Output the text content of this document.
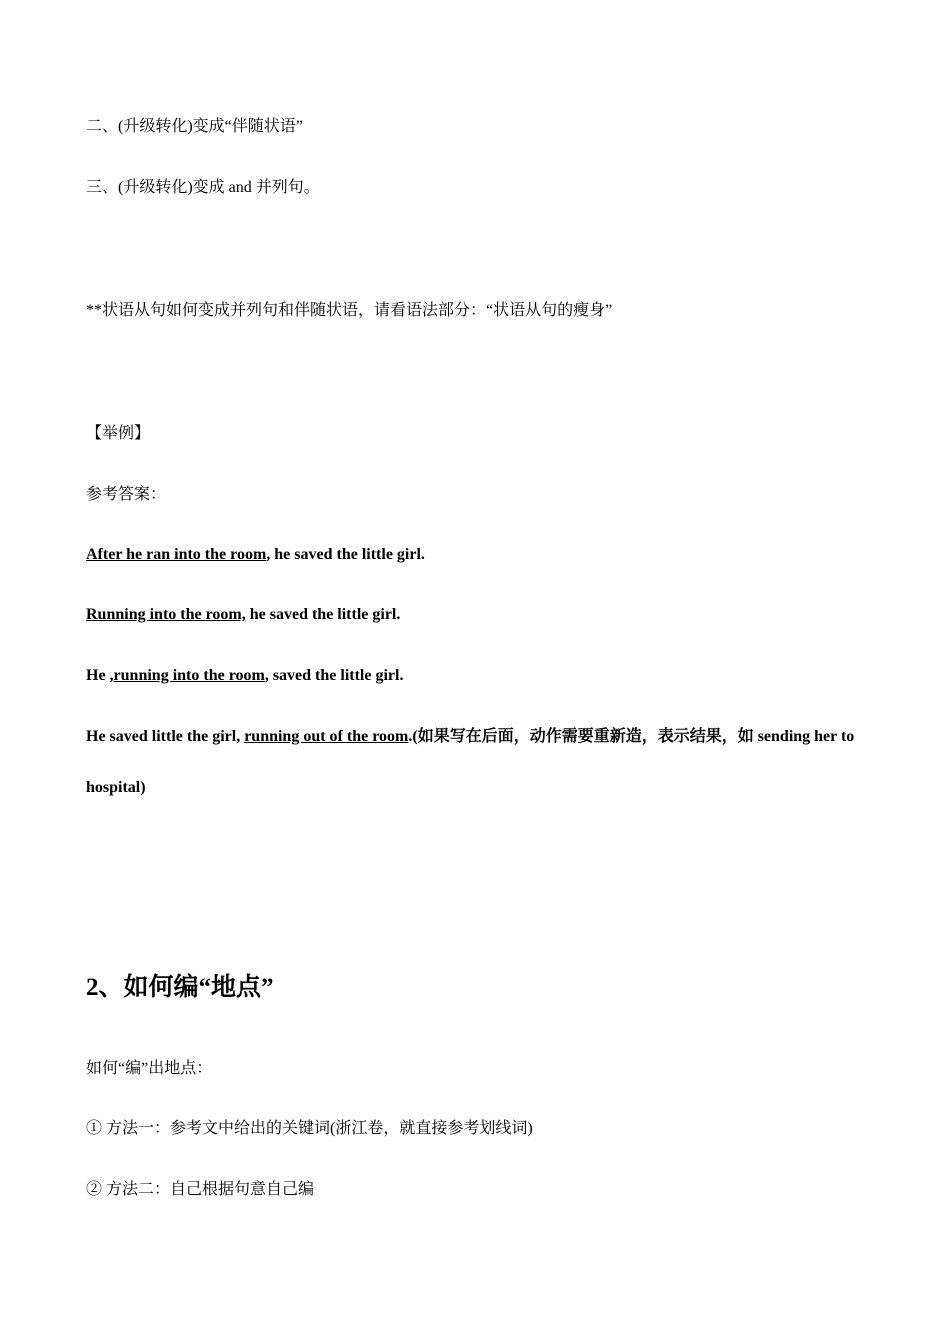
二、(升级转化)变成“伴随状语”
三、(升级转化)变成 and 并列句。
**状语从句如何变成并列句和伴随状语，请看语法部分：“状语从句的瘦身”
【举例】
参考答案：
After he ran into the room, he saved the little girl.
Running into the room, he saved the little girl.
He ,running into the room, saved the little girl.
He saved little the girl, running out of the room.(如果写在后面，动作需要重新造，表示结果，如 sending her to hospital)
2、如何编“地点”
如何“编”出地点：
① 方法一：参考文中给出的关键词(浙江卷，就直接参考划线词)
② 方法二：自己根据句意自己编
